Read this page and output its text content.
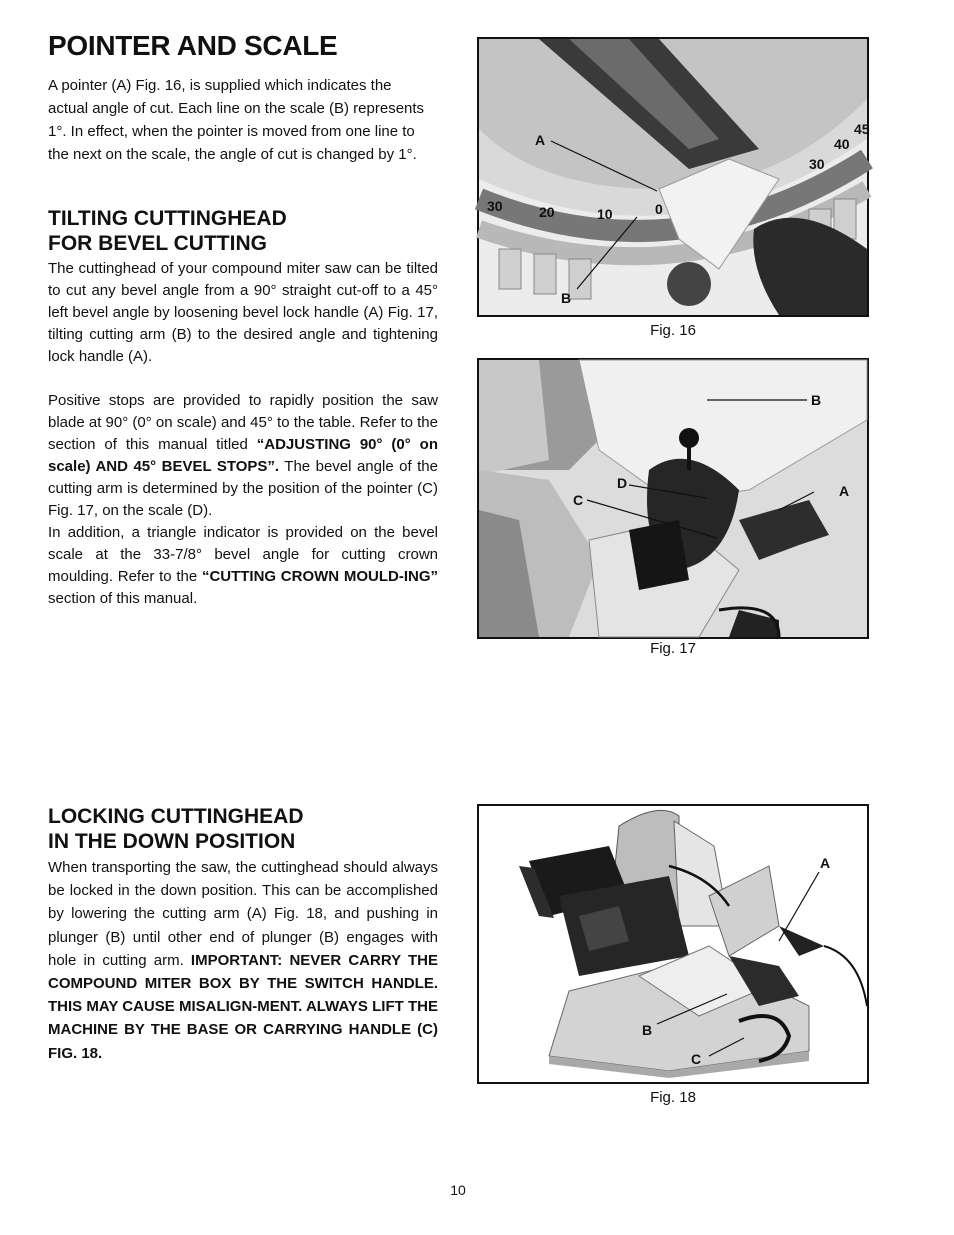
POINTER AND SCALE

A pointer (A) Fig. 16, is supplied which indicates the

actual angle of cut. Each line on the scale (B) represents

1°. In effect, when the pointer is moved from one line to

the next on the scale, the angle of cut is changed by 1°.

TILTING CUTTINGHEAD
FOR BEVEL CUTTING

The cuttinghead of your compound miter saw can be tilted to cut any bevel angle from a 90° straight cut-off to a 45° left bevel angle by loosening bevel lock handle (A) Fig. 17, tilting cutting arm (B) to the desired angle and tightening lock handle (A).

Positive stops are provided to rapidly position the saw blade at 90° (0° on scale) and 45° to the table. Refer to the section of this manual titled “ADJUSTING 90° (0° on scale) AND 45° BEVEL STOPS”. The bevel angle of the cutting arm is determined by the position of the pointer (C) Fig. 17, on the scale (D).

In addition, a triangle indicator is provided on the bevel scale at the 33-7/8° bevel angle for cutting crown moulding. Refer to the “CUTTING CROWN MOULD-ING” section of this manual.

LOCKING CUTTINGHEAD
IN THE DOWN POSITION

When transporting the saw, the cuttinghead should always be locked in the down position. This can be accomplished by lowering the cutting arm (A) Fig. 18, and pushing in plunger (B) until other end of plunger (B) engages with hole in cutting arm. IMPORTANT: NEVER CARRY THE COMPOUND MITER BOX BY THE SWITCH HANDLE. THIS MAY CAUSE MISALIGN-MENT. ALWAYS LIFT THE MACHINE BY THE BASE OR CARRYING HANDLE (C) FIG. 18.

30	20	10	0
30
40
45
A
B
Fig. 16
B
A
D
C
Fig. 17
A
B
C
Fig. 18
10
